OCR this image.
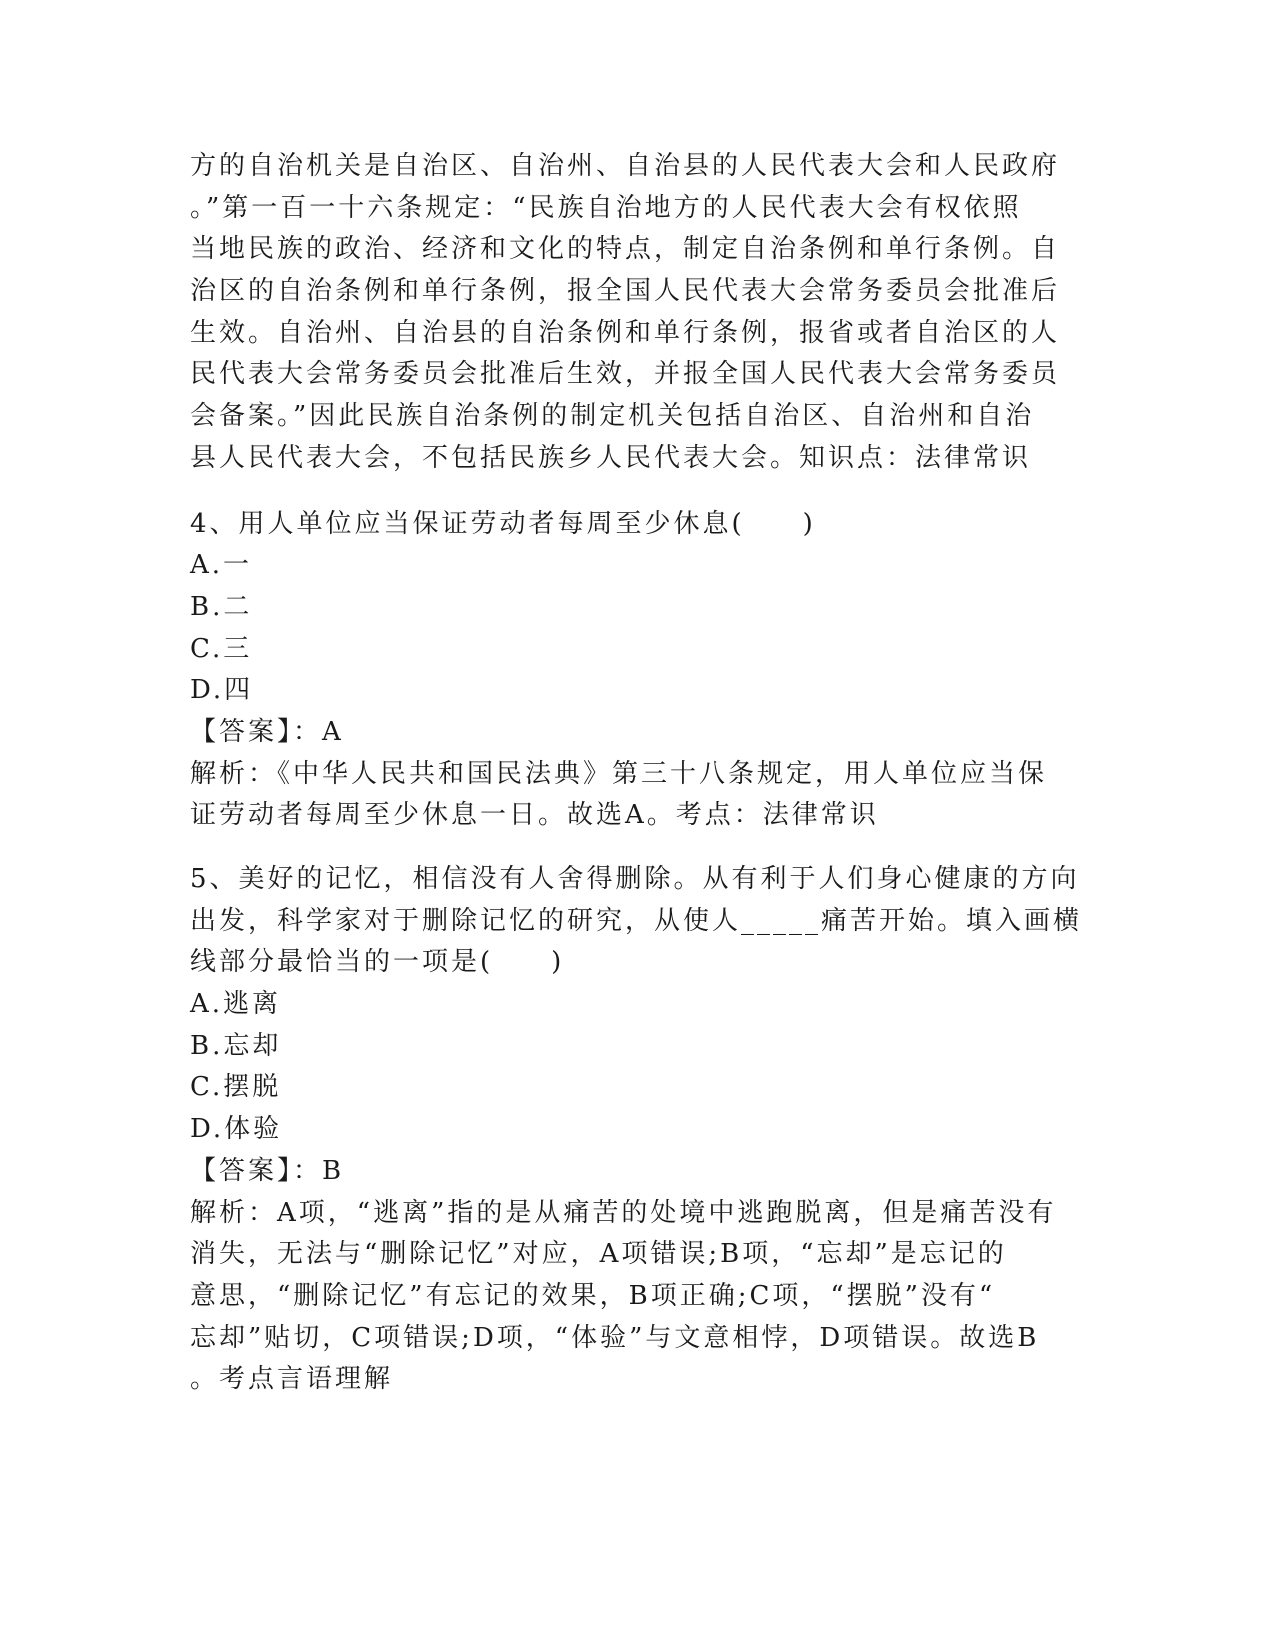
方的自治机关是自治区、自治州、自治县的人民代表大会和人民政府
。”第一百一十六条规定：“民族自治地方的人民代表大会有权依照
当地民族的政治、经济和文化的特点，制定自治条例和单行条例。自
治区的自治条例和单行条例，报全国人民代表大会常务委员会批准后
生效。自治州、自治县的自治条例和单行条例，报省或者自治区的人
民代表大会常务委员会批准后生效，并报全国人民代表大会常务委员
会备案。”因此民族自治条例的制定机关包括自治区、自治州和自治
县人民代表大会，不包括民族乡人民代表大会。知识点：法律常识
4、用人单位应当保证劳动者每周至少休息(　　)
A.一
B.二
C.三
D.四
【答案】：A
解析：《中华人民共和国民法典》第三十八条规定，用人单位应当保
证劳动者每周至少休息一日。故选A。考点：法律常识
5、美好的记忆，相信没有人舍得删除。从有利于人们身心健康的方向
出发，科学家对于删除记忆的研究，从使人_____痛苦开始。填入画横
线部分最恰当的一项是(　　)
A.逃离
B.忘却
C.摆脱
D.体验
【答案】：B
解析：A项，“逃离”指的是从痛苦的处境中逃跑脱离，但是痛苦没有
消失，无法与“删除记忆”对应，A项错误;B项，“忘却”是忘记的
意思，“删除记忆”有忘记的效果，B项正确;C项，“摆脱”没有“
忘却”贴切，C项错误;D项，“体验”与文意相悖，D项错误。故选B
。考点言语理解
